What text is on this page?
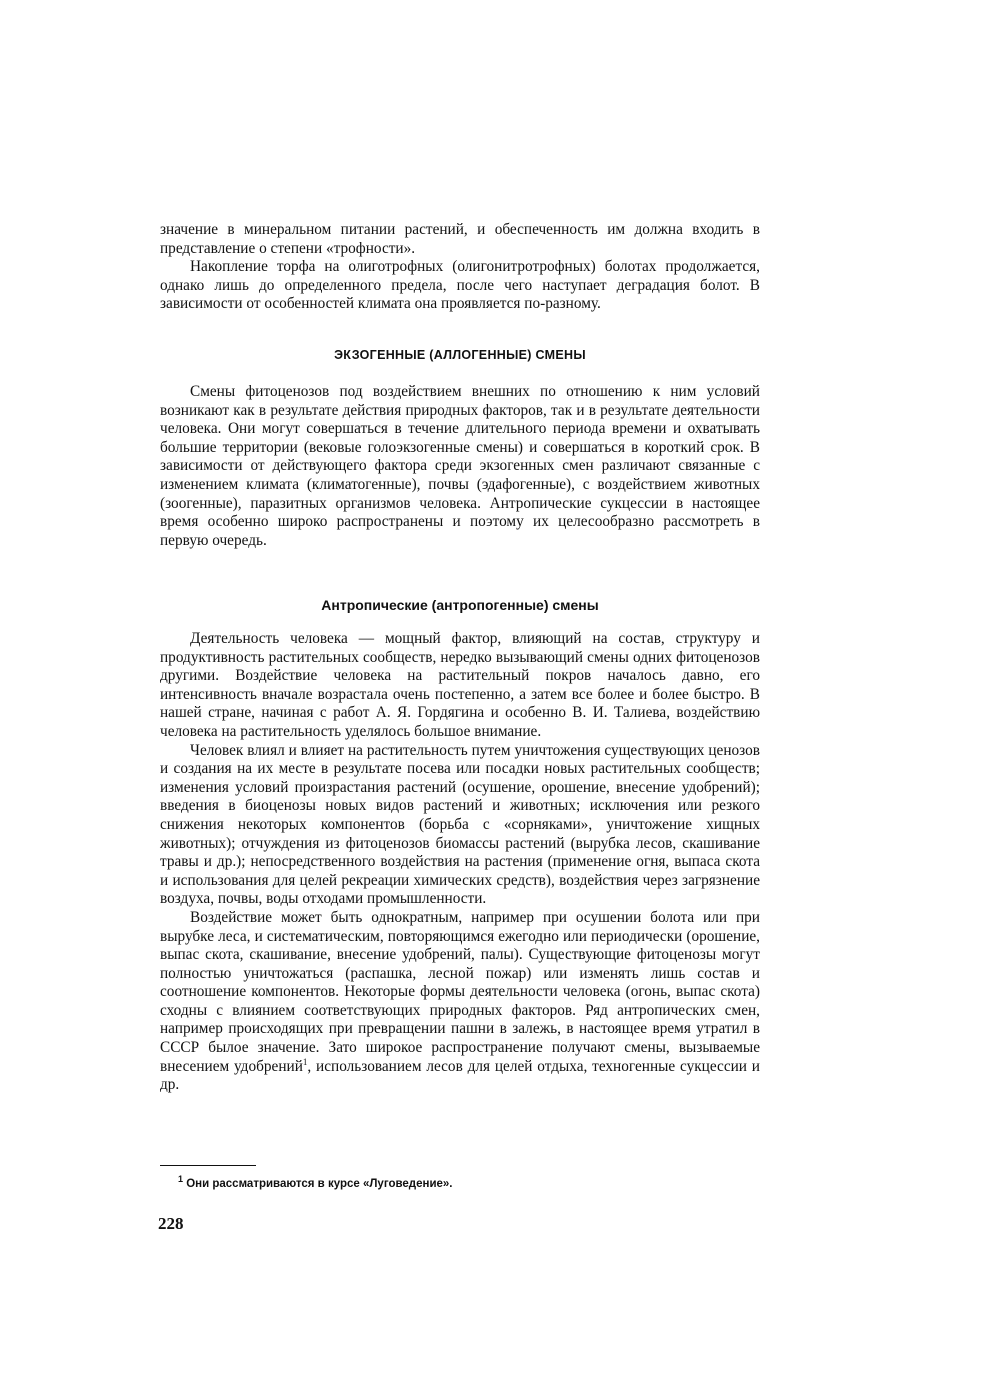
значение в минеральном питании растений, и обеспеченность им должна входить в представление о степени «трофности».

Накопление торфа на олиготрофных (олигонитротрофных) болотах продолжается, однако лишь до определенного предела, после чего наступает деградация болот. В зависимости от особенностей климата она проявляется по-разному.

ЭКЗОГЕННЫЕ (АЛЛОГЕННЫЕ) СМЕНЫ

Смены фитоценозов под воздействием внешних по отношению к ним условий возникают как в результате действия природных факторов, так и в результате деятельности человека. Они могут совершаться в течение длительного периода времени и охватывать большие территории (вековые голоэкзогенные смены) и совершаться в короткий срок. В зависимости от действующего фактора среди экзогенных смен различают связанные с изменением климата (климатогенные), почвы (эдафогенные), с воздействием животных (зоогенные), паразитных организмов человека. Антропические сукцессии в настоящее время особенно широко распространены и поэтому их целесообразно рассмотреть в первую очередь.

Антропические (антропогенные) смены

Деятельность человека — мощный фактор, влияющий на состав, структуру и продуктивность растительных сообществ, нередко вызывающий смены одних фитоценозов другими. Воздействие человека на растительный покров началось давно, его интенсивность вначале возрастала очень постепенно, а затем все более и более быстро. В нашей стране, начиная с работ А. Я. Гордягина и особенно В. И. Талиева, воздействию человека на растительность уделялось большое внимание.

Человек влиял и влияет на растительность путем уничтожения существующих ценозов и создания на их месте в результате посева или посадки новых растительных сообществ; изменения условий произрастания растений (осушение, орошение, внесение удобрений); введения в биоценозы новых видов растений и животных; исключения или резкого снижения некоторых компонентов (борьба с «сорняками», уничтожение хищных животных); отчуждения из фитоценозов биомассы растений (вырубка лесов, скашивание травы и др.); непосредственного воздействия на растения (применение огня, выпаса скота и использования для целей рекреации химических средств), воздействия через загрязнение воздуха, почвы, воды отходами промышленности.

Воздействие может быть однократным, например при осушении болота или при вырубке леса, и систематическим, повторяющимся ежегодно или периодически (орошение, выпас скота, скашивание, внесение удобрений, палы). Существующие фитоценозы могут полностью уничтожаться (распашка, лесной пожар) или изменять лишь состав и соотношение компонентов. Некоторые формы деятельности человека (огонь, выпас скота) сходны с влиянием соответствующих природных факторов. Ряд антропических смен, например происходящих при превращении пашни в залежь, в настоящее время утратил в СССР былое значение. Зато широкое распространение получают смены, вызываемые внесением удобрений$^1$, использованием лесов для целей отдыха, техногенные сукцессии и др.

$^1$ Они рассматриваются в курсе «Луговедение».
228
